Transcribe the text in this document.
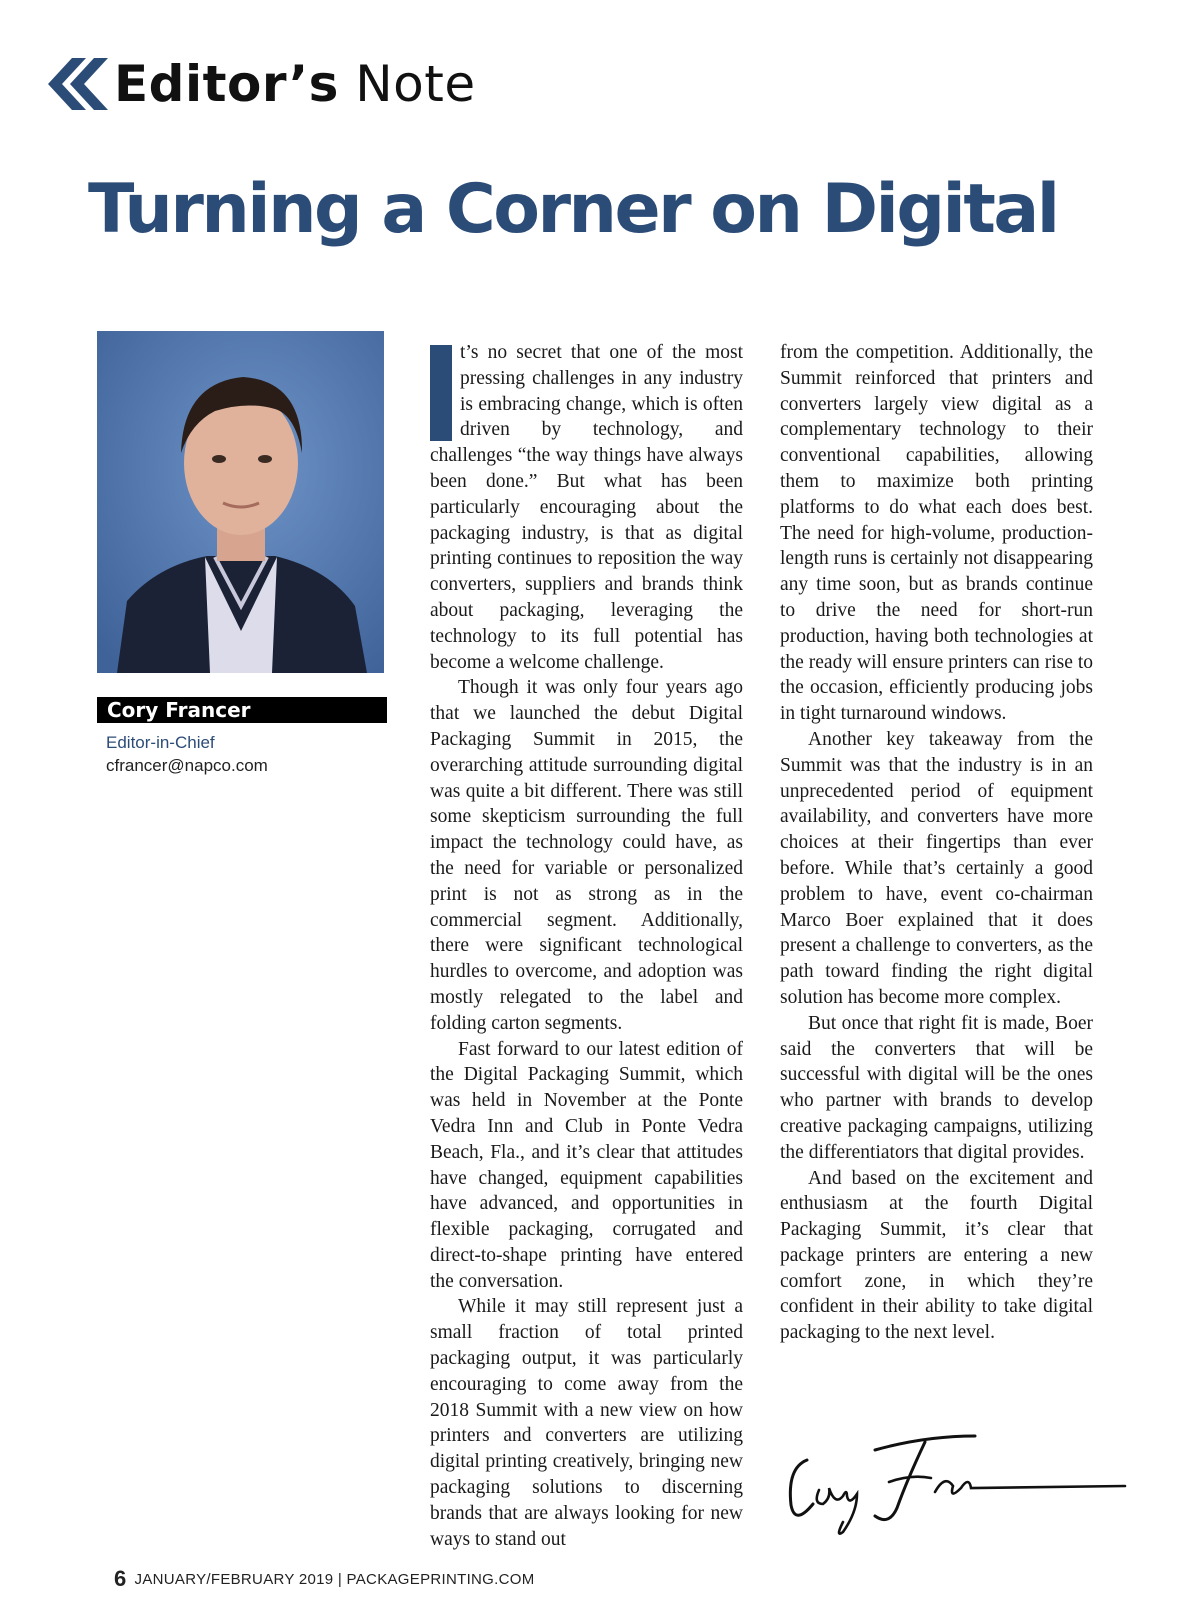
Editor’s Note
Turning a Corner on Digital
Cory Francer
Editor-in-Chief
cfrancer@napco.com

t’s no secret that one of the most pressing challenges in any industry is embracing change, which is often driven by technology, and challenges “the way things have always been done.” But what has been particularly encouraging about the packaging industry, is that as digital printing continues to reposition the way converters, suppliers and brands think about packaging, leveraging the technology to its full potential has become a welcome challenge.

Though it was only four years ago that we launched the debut Digital Packaging Summit in 2015, the overarching attitude surrounding digital was quite a bit different. There was still some skepticism surrounding the full impact the technology could have, as the need for variable or personalized print is not as strong as in the commercial segment. Additionally, there were significant technological hurdles to overcome, and adoption was mostly relegated to the label and folding carton segments.

Fast forward to our latest edition of the Digital Packaging Summit, which was held in November at the Ponte Vedra Inn and Club in Ponte Vedra Beach, Fla., and it’s clear that attitudes have changed, equipment capabilities have advanced, and opportunities in flexible packaging, corrugated and direct-to-shape printing have entered the conversation.

While it may still represent just a small fraction of total printed packaging output, it was particularly encouraging to come away from the 2018 Summit with a new view on how printers and converters are utilizing digital printing creatively, bringing new packaging solutions to discerning brands that are always looking for new ways to stand out

from the competition. Additionally, the Summit reinforced that printers and converters largely view digital as a complementary technology to their conventional capabilities, allowing them to maximize both printing platforms to do what each does best. The need for high-volume, production-length runs is certainly not disappearing any time soon, but as brands continue to drive the need for short-run production, having both technologies at the ready will ensure printers can rise to the occasion, efficiently producing jobs in tight turnaround windows.

Another key takeaway from the Summit was that the industry is in an unprecedented period of equipment availability, and converters have more choices at their fingertips than ever before. While that’s certainly a good problem to have, event co-chairman Marco Boer explained that it does present a challenge to converters, as the path toward finding the right digital solution has become more complex.

But once that right fit is made, Boer said the converters that will be successful with digital will be the ones who partner with brands to develop creative packaging campaigns, utilizing the differentiators that digital provides.

And based on the excitement and enthusiasm at the fourth Digital Packaging Summit, it’s clear that package printers are entering a new comfort zone, in which they’re confident in their ability to take digital packaging to the next level.

6 JANUARY/FEBRUARY 2019 | PACKAGEPRINTING.COM
